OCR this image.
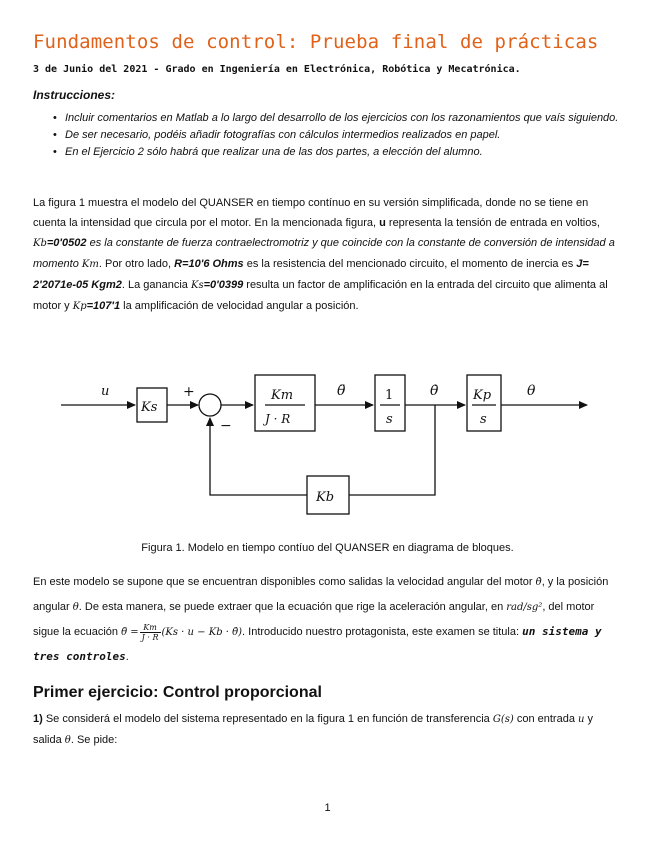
Fundamentos de control: Prueba final de prácticas
3 de Junio del 2021 - Grado en Ingeniería en Electrónica, Robótica y Mecatrónica.
Instrucciones:
• Incluir comentarios en Matlab a lo largo del desarrollo de los ejercicios con los razonamientos que vaís siguiendo.
• De ser necesario, podéis añadir fotografías con cálculos intermedios realizados en papel.
• En el Ejercicio 2 sólo habrá que realizar una de las dos partes, a elección del alumno.
La figura 1 muestra el modelo del QUANSER en tiempo contínuo en su versión simplificada, donde no se tiene en cuenta la intensidad que circula por el motor. En la mencionada figura, u representa la tensión de entrada en voltios, Kb=0'0502 es la constante de fuerza contraelectromotriz y que coincide con la constante de conversión de intensidad a momento Km. Por otro lado, R=10'6 Ohms es la resistencia del mencionado circuito, el momento de inercia es J= 2'2071e-05 Kgm2. La ganancia Ks=0'0399 resulta un factor de amplificación en la entrada del circuito que alimenta al motor y Kp=107'1 la amplificación de velocidad angular a posición.
u
Ks
+
−
Km
J · R
θ̈	1
s
θ̇	Kp
s
θ
Kb
Figura 1. Modelo en tiempo contíuo del QUANSER en diagrama de bloques.
En este modelo se supone que se encuentran disponibles como salidas la velocidad angular del motor θ̇, y la posición angular θ. De esta manera, se puede extraer que la ecuación que rige la aceleración angular, en rad/sg², del motor sigue la ecuación θ̈ = $\frac{Km}{J \cdot R} (Ks \cdot u - Kb$ · θ̇). Introducido nuestro protagonista, este examen se titula: un sistema y tres controles.
Primer ejercicio: Control proporcional
1) Se considerá el modelo del sistema representado en la figura 1 en función de transferencia G(s) con entrada u y salida θ. Se pide:
1
